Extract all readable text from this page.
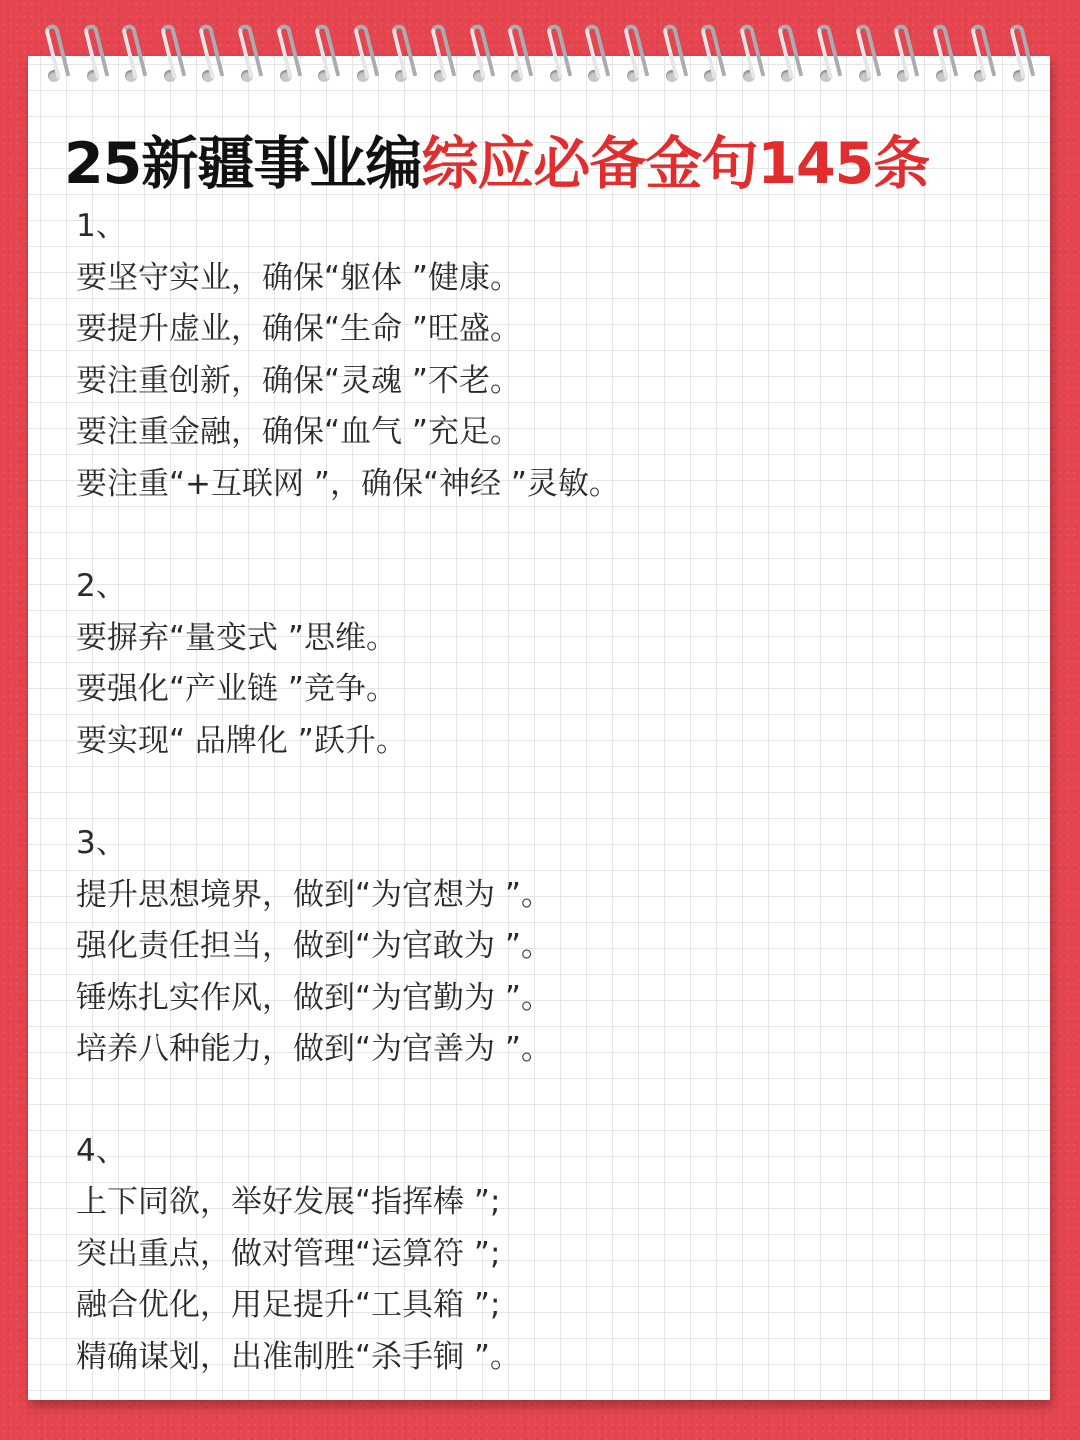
25新疆事业编综应必备金句145条
1、
要坚守实业，确保“躯体 ”健康。
要提升虚业，确保“生命 ”旺盛。
要注重创新，确保“灵魂 ”不老。
要注重金融，确保“血气 ”充足。
要注重“+互联网 ”，确保“神经 ”灵敏。
2、
要摒弃“量变式 ”思维。
要强化“产业链 ”竞争。
要实现“ 品牌化 ”跃升。
3、
提升思想境界，做到“为官想为 ”。
强化责任担当，做到“为官敢为 ”。
锤炼扎实作风，做到“为官勤为 ”。
培养八种能力，做到“为官善为 ”。
4、
上下同欲，举好发展“指挥棒 ”;
突出重点，做对管理“运算符 ”;
融合优化，用足提升“工具箱 ”;
精确谋划，出准制胜“杀手锏 ”。
